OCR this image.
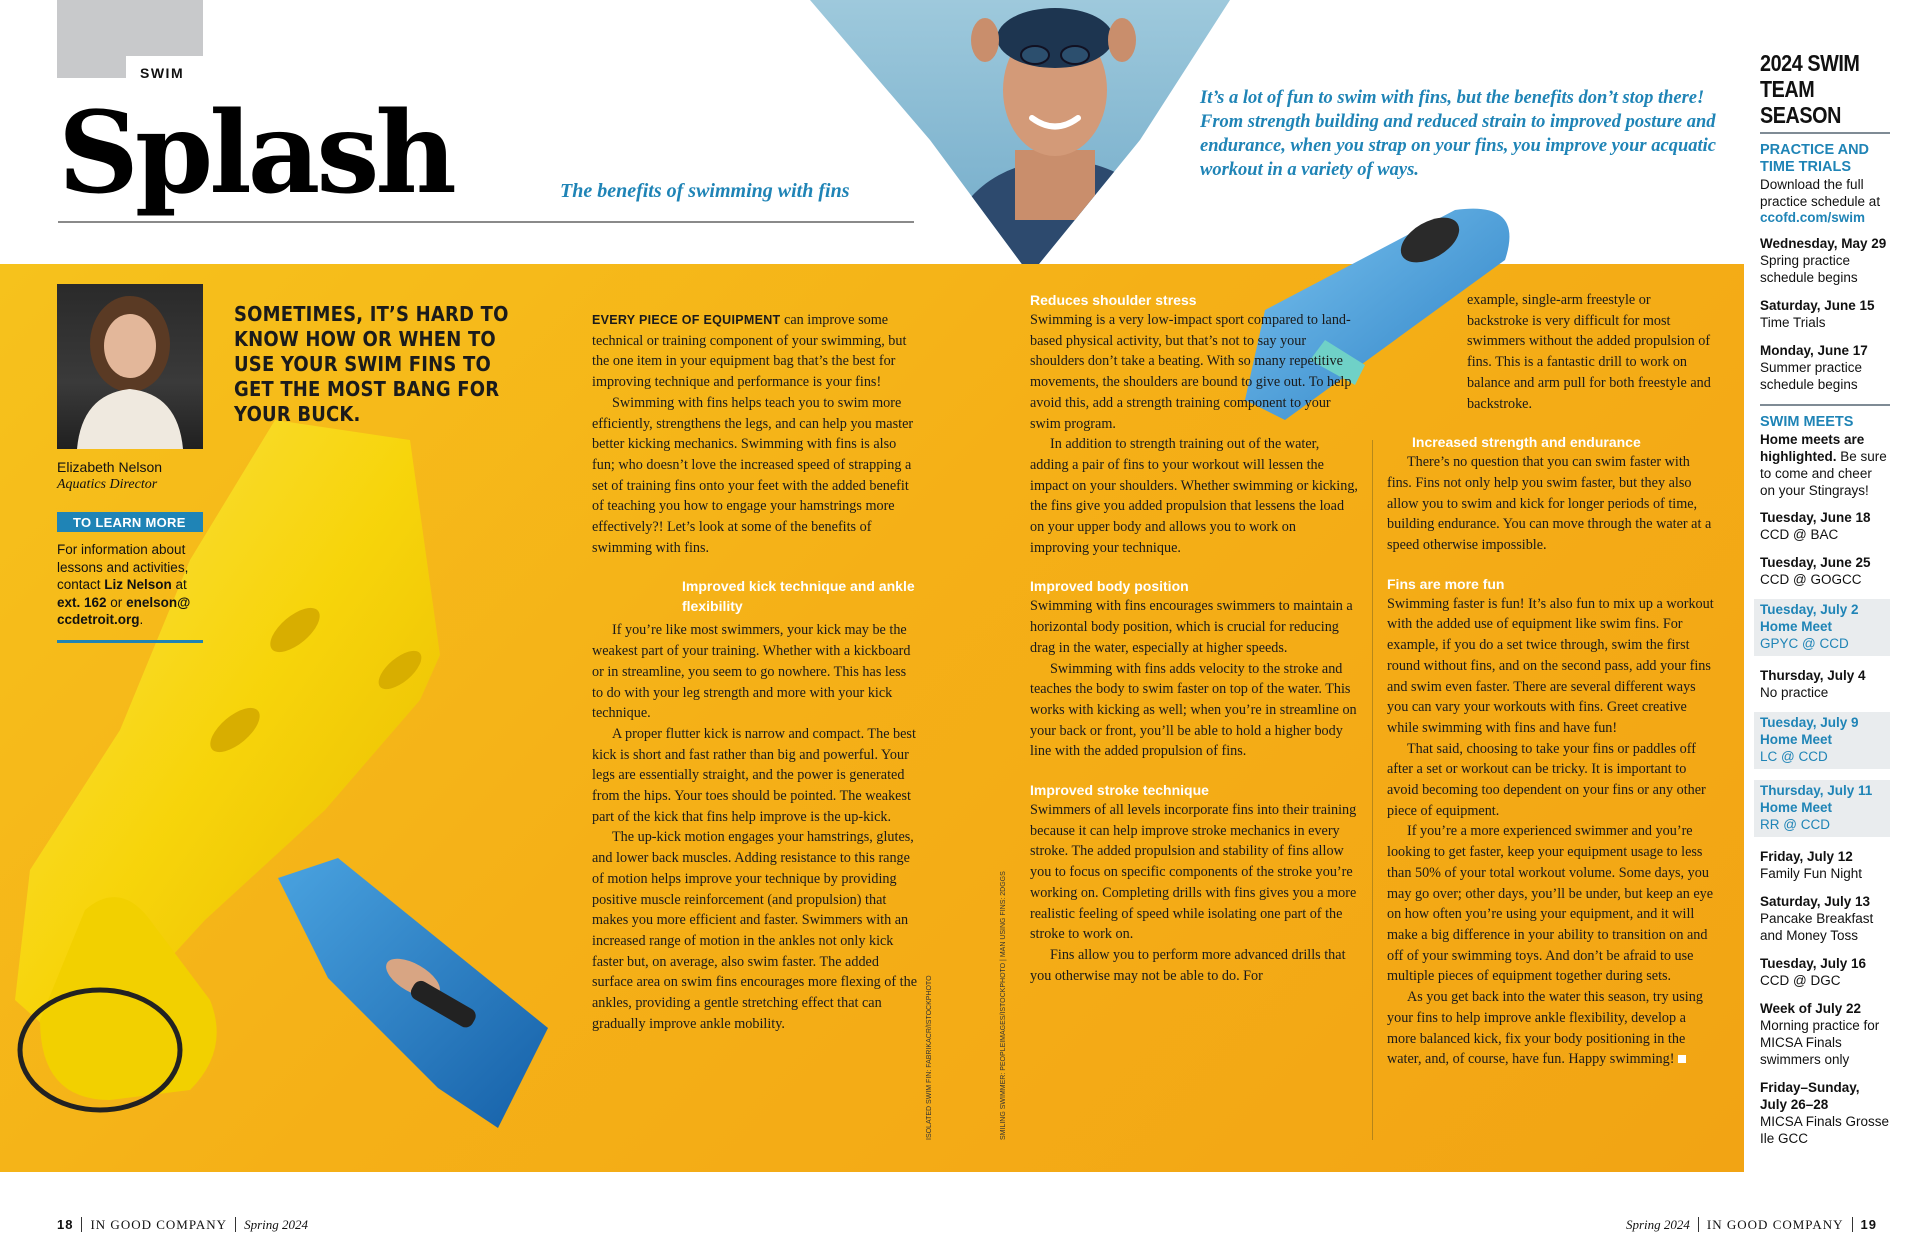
SWIM
Splash	The benefits of swimming with fins
It’s a lot of fun to swim with fins, but the benefits don’t stop there! From strength building and reduced strain to improved posture and endurance, when you strap on your fins, you improve your acquatic workout in a variety of ways.
Elizabeth Nelson
Aquatics Director
TO LEARN MORE
For information about lessons and activities, contact Liz Nelson at ext. 162 or enelson@ ccdetroit.org.
SOMETIMES, IT’S HARD TO KNOW HOW OR WHEN TO USE YOUR SWIM FINS TO GET THE MOST BANG FOR YOUR BUCK.

EVERY PIECE OF EQUIPMENT can improve some technical or training component of your swimming, but the one item in your equipment bag that’s the best for improving technique and performance is your fins!

Swimming with fins helps teach you to swim more efficiently, strengthens the legs, and can help you master better kicking mechanics. Swimming with fins is also fun; who doesn’t love the increased speed of strapping a set of training fins onto your feet with the added benefit of teaching you how to engage your hamstrings more effectively?! Let’s look at some of the benefits of swimming with fins.

Improved kick technique and ankle flexibility

If you’re like most swimmers, your kick may be the weakest part of your training. Whether with a kickboard or in streamline, you seem to go nowhere. This has less to do with your leg strength and more with your kick technique.

A proper flutter kick is narrow and compact. The best kick is short and fast rather than big and powerful. Your legs are essentially straight, and the power is generated from the hips. Your toes should be pointed. The weakest part of the kick that fins help improve is the up-kick.

The up-kick motion engages your hamstrings, glutes, and lower back muscles. Adding resistance to this range of motion helps improve your technique by providing positive muscle reinforcement (and propulsion) that makes you more efficient and faster. Swimmers with an increased range of motion in the ankles not only kick faster but, on average, also swim faster. The added surface area on swim fins encourages more flexing of the ankles, providing a gentle stretching effect that can gradually improve ankle mobility.

Reduces shoulder stress

Swimming is a very low-impact sport compared to land-based physical activity, but that’s not to say your shoulders don’t take a beating. With so many repetitive movements, the shoulders are bound to give out. To help avoid this, add a strength training component to your swim program.

In addition to strength training out of the water, adding a pair of fins to your workout will lessen the impact on your shoulders. Whether swimming or kicking, the fins give you added propulsion that lessens the load on your upper body and allows you to work on improving your technique.

Improved body position

Swimming with fins encourages swimmers to maintain a horizontal body position, which is crucial for reducing drag in the water, especially at higher speeds.

Swimming with fins adds velocity to the stroke and teaches the body to swim faster on top of the water. This works with kicking as well; when you’re in streamline on your back or front, you’ll be able to hold a higher body line with the added propulsion of fins.

Improved stroke technique

Swimmers of all levels incorporate fins into their training because it can help improve stroke mechanics in every stroke. The added propulsion and stability of fins allow you to focus on specific components of the stroke you’re working on. Completing drills with fins gives you a more realistic feeling of speed while isolating one part of the stroke to work on.

Fins allow you to perform more advanced drills that you otherwise may not be able to do. For

example, single-arm freestyle or backstroke is very difficult for most swimmers without the added propulsion of fins. This is a fantastic drill to work on balance and arm pull for both freestyle and backstroke.

Increased strength and endurance

There’s no question that you can swim faster with fins. Fins not only help you swim faster, but they also allow you to swim and kick for longer periods of time, building endurance. You can move through the water at a speed otherwise impossible.

Fins are more fun

Swimming faster is fun! It’s also fun to mix up a workout with the added use of equipment like swim fins. For example, if you do a set twice through, swim the first round without fins, and on the second pass, add your fins and swim even faster. There are several different ways you can vary your workouts with fins. Greet creative while swimming with fins and have fun!

That said, choosing to take your fins or paddles off after a set or workout can be tricky. It is important to avoid becoming too dependent on your fins or any other piece of equipment.

If you’re a more experienced swimmer and you’re looking to get faster, keep your equipment usage to less than 50% of your total workout volume. Some days, you may go over; other days, you’ll be under, but keep an eye on how often you’re using your equipment, and it will make a big difference in your ability to transition on and off of your swimming toys. And don’t be afraid to use multiple pieces of equipment together during sets.

As you get back into the water this season, try using your fins to help improve ankle flexibility, develop a more balanced kick, fix your body positioning in the water, and, of course, have fun. Happy swimming!

ISOLATED SWIM FIN: FABRIKACR/ISTOCKPHOTO	SMILING SWIMMER: PEOPLEIMAGES/ISTOCKPHOTO | MAN USING FINS: 2DGGS
2024 SWIM TEAM SEASON
PRACTICE AND TIME TRIALS
Download the full practice schedule at
ccofd.com/swim
Wednesday, May 29
Spring practice schedule begins
Saturday, June 15
Time Trials
Monday, June 17
Summer practice schedule begins
SWIM MEETS
Home meets are highlighted. Be sure to come and cheer on your Stingrays!
Tuesday, June 18
CCD @ BAC
Tuesday, June 25
CCD @ GOGCC
Tuesday, July 2
Home Meet
GPYC @ CCD
Thursday, July 4
No practice
Tuesday, July 9
Home Meet
LC @ CCD
Thursday, July 11
Home Meet
RR @ CCD
Friday, July 12
Family Fun Night
Saturday, July 13
Pancake Breakfast and Money Toss
Tuesday, July 16
CCD @ DGC
Week of July 22
Morning practice for MICSA Finals swimmers only
Friday–Sunday, July 26–28
MICSA Finals Grosse Ile GCC
18 IN GOOD COMPANY Spring 2024	Spring 2024 IN GOOD COMPANY 19
